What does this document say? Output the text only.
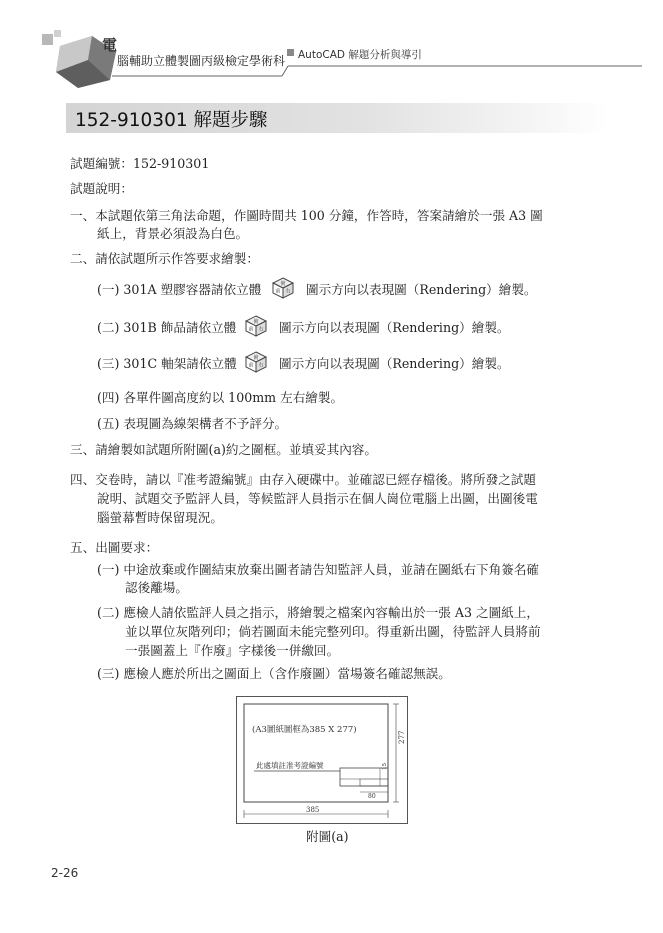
電
腦輔助立體製圖丙級檢定學術科 AutoCAD 解題分析與導引
152-910301 解題步驟
試題編號：152-910301
試題說明：
一、本試題依第三角法命題，作圖時間共 100 分鐘，作答時，答案請繪於一張 A3 圖
紙上，背景必須設為白色。
二、請依試題所示作答要求繪製：
(一) 301A 塑膠容器請依立體	俯
前 右 圖示方向以表現圖（Rendering）繪製。
(二) 301B 飾品請依立體	俯
前 右 圖示方向以表現圖（Rendering）繪製。
(三) 301C 軸架請依立體	俯
前 右 圖示方向以表現圖（Rendering）繪製。
(四) 各單件圖高度約以 100mm 左右繪製。
(五) 表現圖為線架構者不予評分。
三、請繪製如試題所附圖(a)約之圖框。並填妥其內容。
四、交卷時，請以『准考證編號』由存入硬碟中。並確認已經存檔後。將所發之試題
說明、試題交予監評人員，等候監評人員指示在個人崗位電腦上出圖，出圖後電
腦螢幕暫時保留現況。
五、出圖要求：
(一) 中途放棄或作圖結束放棄出圖者請告知監評人員，並請在圖紙右下角簽名確
認後離場。
(二) 應檢人請依監評人員之指示，將繪製之檔案內容輸出於一張 A3 之圖紙上，
並以單位灰階列印；倘若圖面未能完整列印。得重新出圖，待監評人員將前
一張圖蓋上『作廢』字樣後一併繳回。
(三) 應檢人應於所出之圖面上（含作廢圖）當場簽名確認無誤。
(A3圖紙圖框為385 X 277)
此處填註准考證編號
277
15
80
385
附圖(a)
2-26
